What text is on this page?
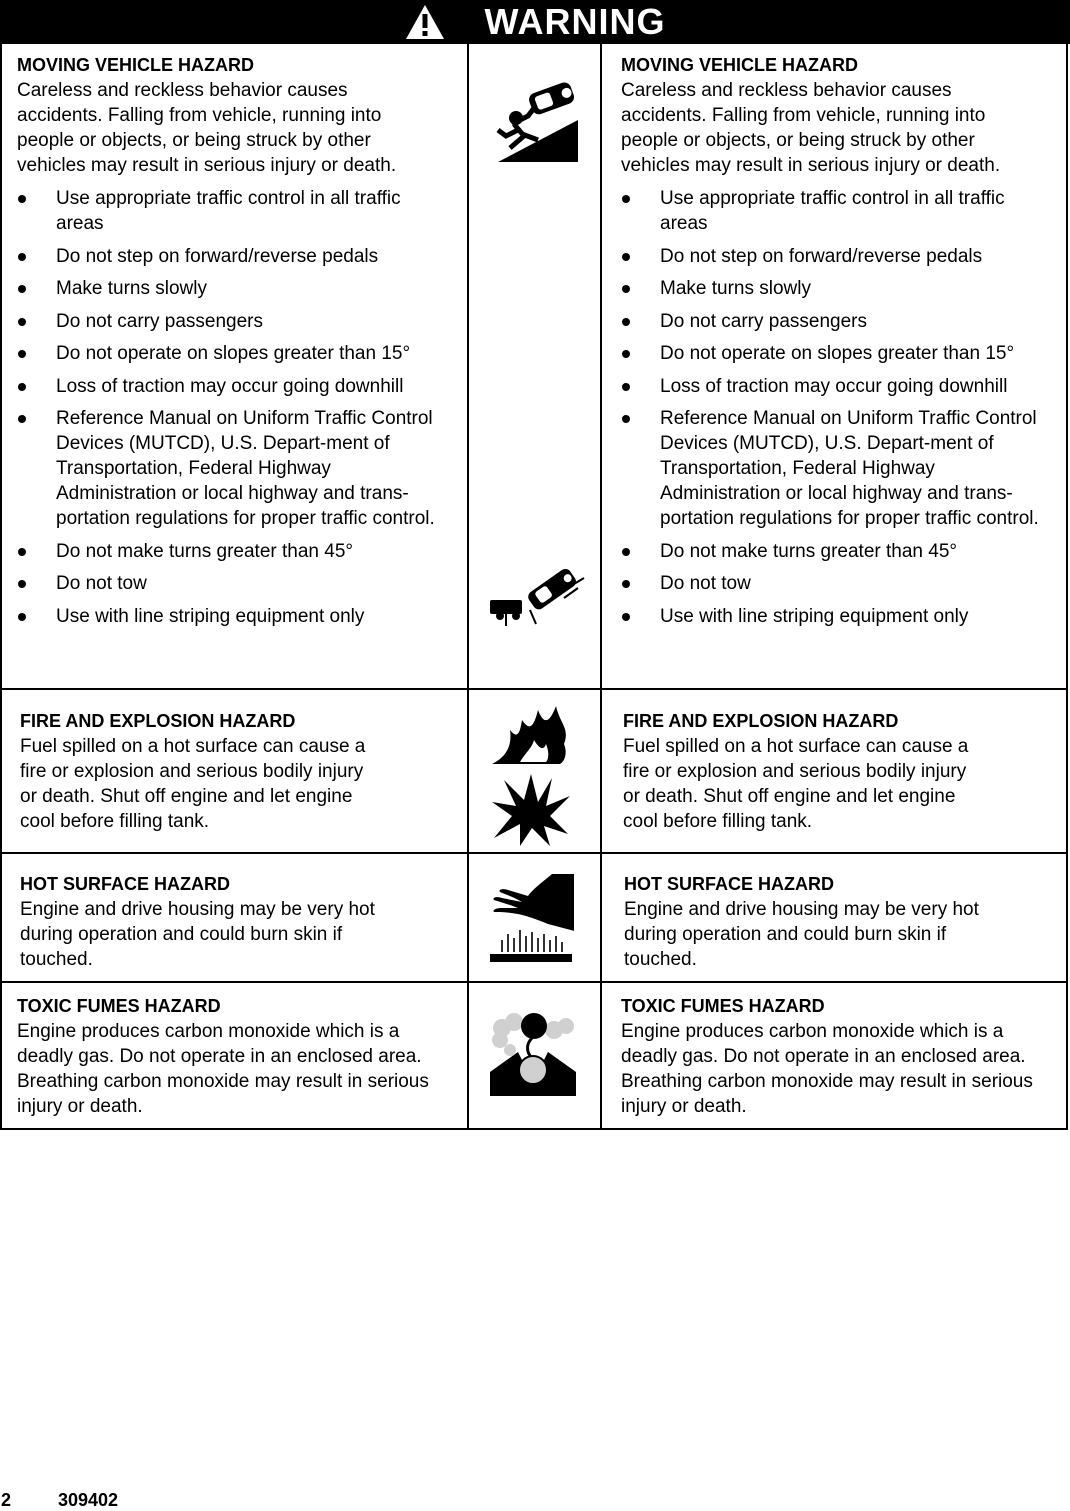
WARNING
MOVING VEHICLE HAZARD

Careless and reckless behavior causes accidents. Falling from vehicle, running into people or objects, or being struck by other vehicles may result in serious injury or death.

Use appropriate traffic control in all traffic areas
Do not step on forward/reverse pedals
Make turns slowly
Do not carry passengers
Do not operate on slopes greater than 15°
Loss of traction may occur going downhill
Reference Manual on Uniform Traffic Control Devices (MUTCD), U.S. Depart-ment of Transportation, Federal Highway Administration or local highway and trans-portation regulations for proper traffic control.
Do not make turns greater than 45°
Do not tow
Use with line striping equipment only
MOVING VEHICLE HAZARD

Careless and reckless behavior causes accidents. Falling from vehicle, running into people or objects, or being struck by other vehicles may result in serious injury or death.

Use appropriate traffic control in all traffic areas
Do not step on forward/reverse pedals
Make turns slowly
Do not carry passengers
Do not operate on slopes greater than 15°
Loss of traction may occur going downhill
Reference Manual on Uniform Traffic Control Devices (MUTCD), U.S. Depart-ment of Transportation, Federal Highway Administration or local highway and trans-portation regulations for proper traffic control.
Do not make turns greater than 45°
Do not tow
Use with line striping equipment only
FIRE AND EXPLOSION HAZARD

Fuel spilled on a hot surface can cause a fire or explosion and serious bodily injury or death. Shut off engine and let engine cool before filling tank.

FIRE AND EXPLOSION HAZARD

Fuel spilled on a hot surface can cause a fire or explosion and serious bodily injury or death. Shut off engine and let engine cool before filling tank.

HOT SURFACE HAZARD

Engine and drive housing may be very hot during operation and could burn skin if touched.

HOT SURFACE HAZARD

Engine and drive housing may be very hot during operation and could burn skin if touched.

TOXIC FUMES HAZARD

Engine produces carbon monoxide which is a deadly gas. Do not operate in an enclosed area. Breathing carbon monoxide may result in serious injury or death.

TOXIC FUMES HAZARD

Engine produces carbon monoxide which is a deadly gas. Do not operate in an enclosed area. Breathing carbon monoxide may result in serious injury or death.

2	309402
